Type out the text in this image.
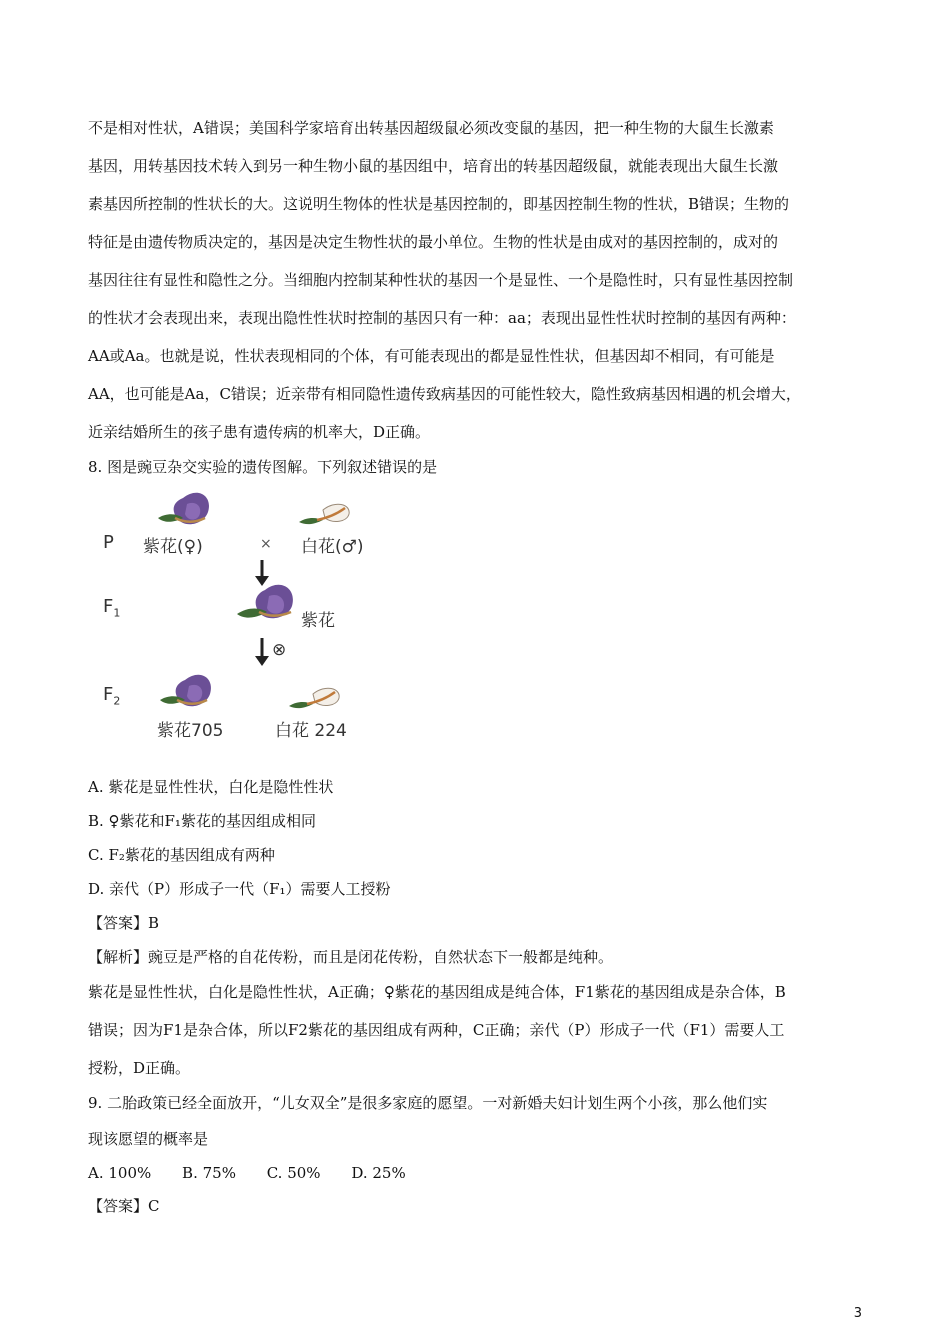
不是相对性状，A错误；美国科学家培育出转基因超级鼠必须改变鼠的基因，把一种生物的大鼠生长激素
基因，用转基因技术转入到另一种生物小鼠的基因组中，培育出的转基因超级鼠，就能表现出大鼠生长激
素基因所控制的性状长的大。这说明生物体的性状是基因控制的，即基因控制生物的性状，B错误；生物的
特征是由遗传物质决定的，基因是决定生物性状的最小单位。生物的性状是由成对的基因控制的，成对的
基因往往有显性和隐性之分。当细胞内控制某种性状的基因一个是显性、一个是隐性时，只有显性基因控制
的性状才会表现出来，表现出隐性性状时控制的基因只有一种：aa；表现出显性性状时控制的基因有两种：
AA或Aa。也就是说，性状表现相同的个体，有可能表现出的都是显性性状，但基因却不相同，有可能是
AA，也可能是Aa，C错误；近亲带有相同隐性遗传致病基因的可能性较大，隐性致病基因相遇的机会增大，
近亲结婚所生的孩子患有遗传病的机率大，D正确。
8. 图是豌豆杂交实验的遗传图解。下列叙述错误的是
×
P 紫花(♀)	白花(♂)
$F_1$	紫花
⊗
$F_2$
紫花705	白花 224
A. 紫花是显性性状，白化是隐性性状
B. ♀紫花和F₁紫花的基因组成相同
C. F₂紫花的基因组成有两种
D. 亲代（P）形成子一代（F₁）需要人工授粉
【答案】B
【解析】豌豆是严格的自花传粉，而且是闭花传粉，自然状态下一般都是纯种。
紫花是显性性状，白化是隐性性状，A正确；♀紫花的基因组成是纯合体，F1紫花的基因组成是杂合体，B
错误；因为F1是杂合体，所以F2紫花的基因组成有两种，C正确；亲代（P）形成子一代（F1）需要人工
授粉，D正确。
9. 二胎政策已经全面放开，“儿女双全”是很多家庭的愿望。一对新婚夫妇计划生两个小孩，那么他们实
现该愿望的概率是
A. 100% B. 75% C. 50% D. 25%
【答案】C
3
